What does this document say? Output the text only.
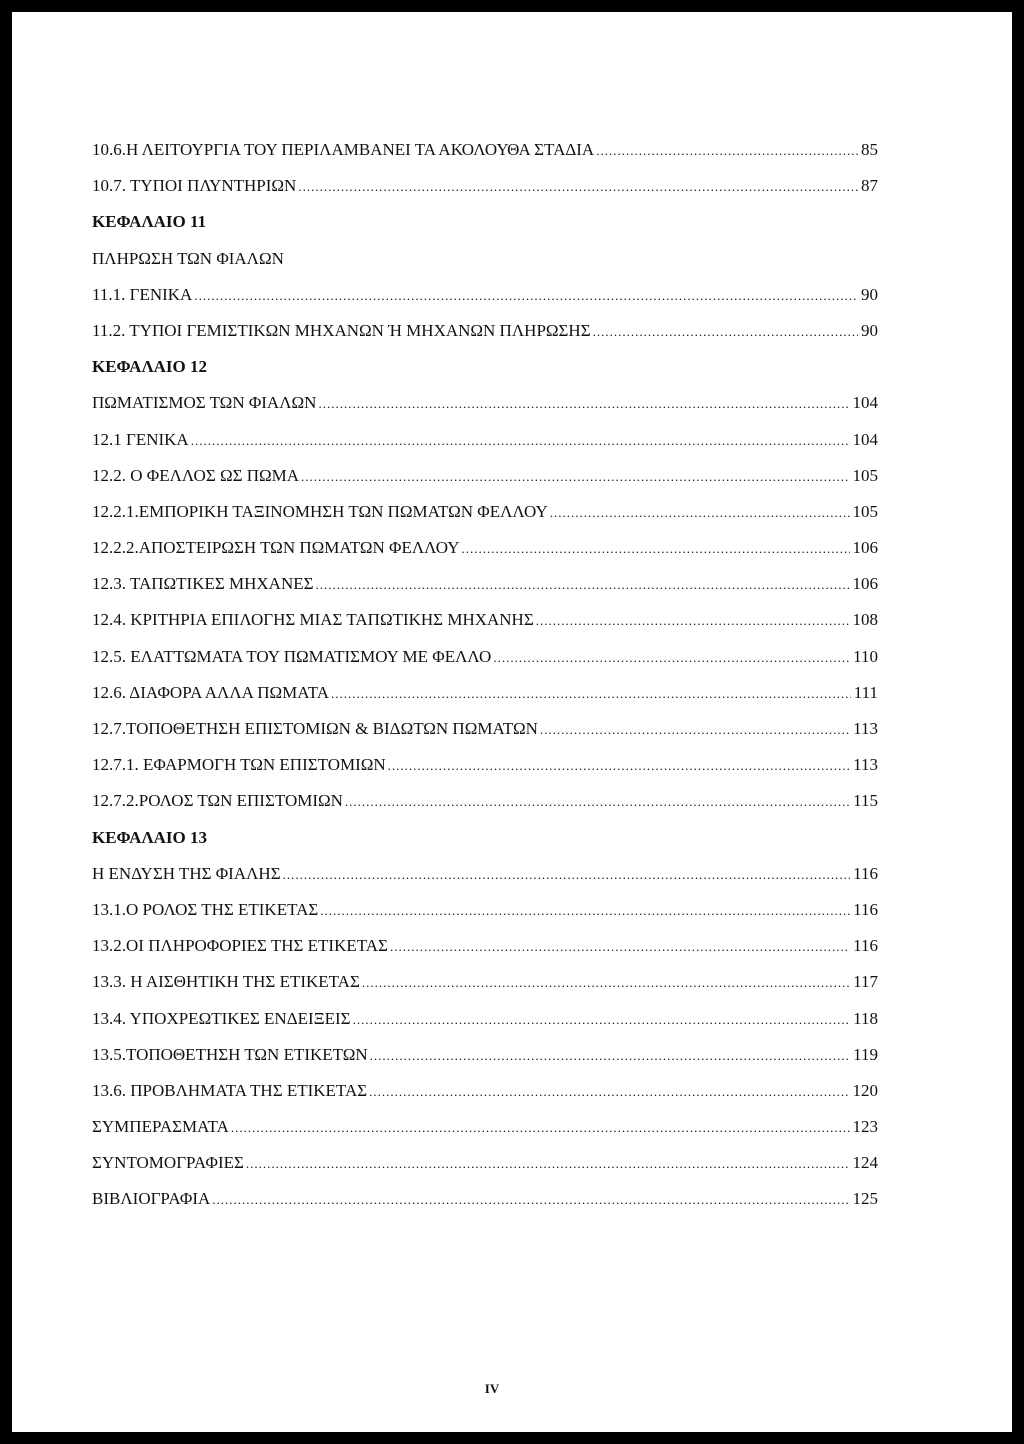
10.6.Η ΛΕΙΤΟΥΡΓΙΑ ΤΟΥ ΠΕΡΙΛΑΜΒΑΝΕΙ ΤΑ ΑΚΟΛΟΥΘΑ ΣΤΑΔΙΑ .....	85
10.7. ΤΥΠΟΙ ΠΛΥΝΤΗΡΙΩΝ .....	87
ΚΕΦΑΛΑΙΟ 11
ΠΛΗΡΩΣΗ ΤΩΝ ΦΙΑΛΩΝ
11.1. ΓΕΝΙΚΑ .....	90
11.2. ΤΥΠΟΙ ΓΕΜΙΣΤΙΚΩΝ ΜΗΧΑΝΩΝ Ή ΜΗΧΑΝΩΝ ΠΛΗΡΩΣΗΣ .....	90
ΚΕΦΑΛΑΙΟ 12
ΠΩΜΑΤΙΣΜΟΣ ΤΩΝ ΦΙΑΛΩΝ .....	104
12.1 ΓΕΝΙΚΑ .....	104
12.2. Ο ΦΕΛΛΟΣ ΩΣ ΠΩΜΑ .....	105
12.2.1.ΕΜΠΟΡΙΚΗ ΤΑΞΙΝΟΜΗΣΗ ΤΩΝ ΠΩΜΑΤΩΝ ΦΕΛΛΟΥ .....	105
12.2.2.ΑΠΟΣΤΕΙΡΩΣΗ ΤΩΝ ΠΩΜΑΤΩΝ ΦΕΛΛΟΥ .....	106
12.3. ΤΑΠΩΤΙΚΕΣ ΜΗΧΑΝΕΣ .....	106
12.4. ΚΡΙΤΗΡΙΑ ΕΠΙΛΟΓΗΣ ΜΙΑΣ ΤΑΠΩΤΙΚΗΣ ΜΗΧΑΝΗΣ .....	108
12.5. ΕΛΑΤΤΩΜΑΤΑ ΤΟΥ ΠΩΜΑΤΙΣΜΟΥ ΜΕ ΦΕΛΛΟ .....	110
12.6. ΔΙΑΦΟΡΑ ΑΛΛΑ ΠΩΜΑΤΑ .....	111
12.7.ΤΟΠΟΘΕΤΗΣΗ ΕΠΙΣΤΟΜΙΩΝ & ΒΙΔΩΤΩΝ ΠΩΜΑΤΩΝ .....	113
12.7.1. ΕΦΑΡΜΟΓΗ ΤΩΝ ΕΠΙΣΤΟΜΙΩΝ .....	113
12.7.2.ΡΟΛΟΣ ΤΩΝ ΕΠΙΣΤΟΜΙΩΝ .....	115
ΚΕΦΑΛΑΙΟ 13
Η ΕΝΔΥΣΗ ΤΗΣ ΦΙΑΛΗΣ .....	116
13.1.Ο ΡΟΛΟΣ ΤΗΣ ΕΤΙΚΕΤΑΣ .....	116
13.2.ΟΙ ΠΛΗΡΟΦΟΡΙΕΣ ΤΗΣ ΕΤΙΚΕΤΑΣ .....	116
13.3. Η ΑΙΣΘΗΤΙΚΗ ΤΗΣ ΕΤΙΚΕΤΑΣ .....	117
13.4. ΥΠΟΧΡΕΩΤΙΚΕΣ ΕΝΔΕΙΞΕΙΣ .....	118
13.5.ΤΟΠΟΘΕΤΗΣΗ ΤΩΝ ΕΤΙΚΕΤΩΝ .....	119
13.6. ΠΡΟΒΛΗΜΑΤΑ ΤΗΣ ΕΤΙΚΕΤΑΣ .....	120
ΣΥΜΠΕΡΑΣΜΑΤΑ .....	123
ΣΥΝΤΟΜΟΓΡΑΦΙΕΣ .....	124
ΒΙΒΛΙΟΓΡΑΦΙΑ .....	125
IV
